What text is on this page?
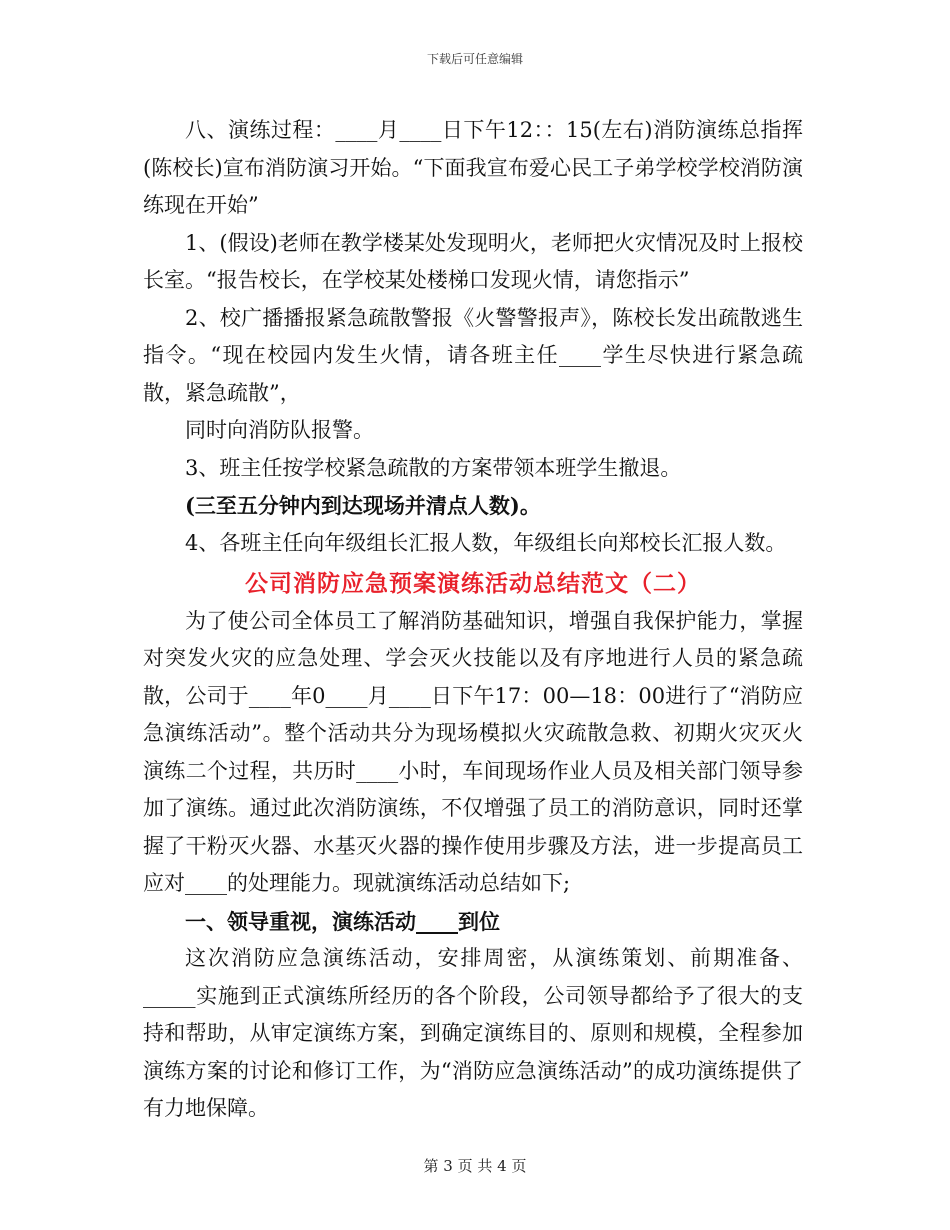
下载后可任意编辑

八、演练过程：____月____日下午12：：15(左右)消防演练总指挥(陈校长)宣布消防演习开始。“下面我宣布爱心民工子弟学校学校消防演练现在开始”

1、(假设)老师在教学楼某处发现明火，老师把火灾情况及时上报校长室。“报告校长，在学校某处楼梯口发现火情，请您指示”

2、校广播播报紧急疏散警报《火警警报声》，陈校长发出疏散逃生指令。“现在校园内发生火情，请各班主任____学生尽快进行紧急疏散，紧急疏散”，

同时向消防队报警。

3、班主任按学校紧急疏散的方案带领本班学生撤退。

(三至五分钟内到达现场并清点人数)。

4、各班主任向年级组长汇报人数，年级组长向郑校长汇报人数。

公司消防应急预案演练活动总结范文（二）

为了使公司全体员工了解消防基础知识，增强自我保护能力，掌握对突发火灾的应急处理、学会灭火技能以及有序地进行人员的紧急疏散，公司于____年0____月____日下午17：00—18：00进行了“消防应急演练活动”。整个活动共分为现场模拟火灾疏散急救、初期火灾灭火演练二个过程，共历时____小时，车间现场作业人员及相关部门领导参加了演练。通过此次消防演练，不仅增强了员工的消防意识，同时还掌握了干粉灭火器、水基灭火器的操作使用步骤及方法，进一步提高员工应对____的处理能力。现就演练活动总结如下;

一、领导重视，演练活动____到位

这次消防应急演练活动，安排周密，从演练策划、前期准备、_____实施到正式演练所经历的各个阶段，公司领导都给予了很大的支持和帮助，从审定演练方案，到确定演练目的、原则和规模，全程参加演练方案的讨论和修订工作，为“消防应急演练活动”的成功演练提供了有力地保障。

第 3 页 共 4 页
